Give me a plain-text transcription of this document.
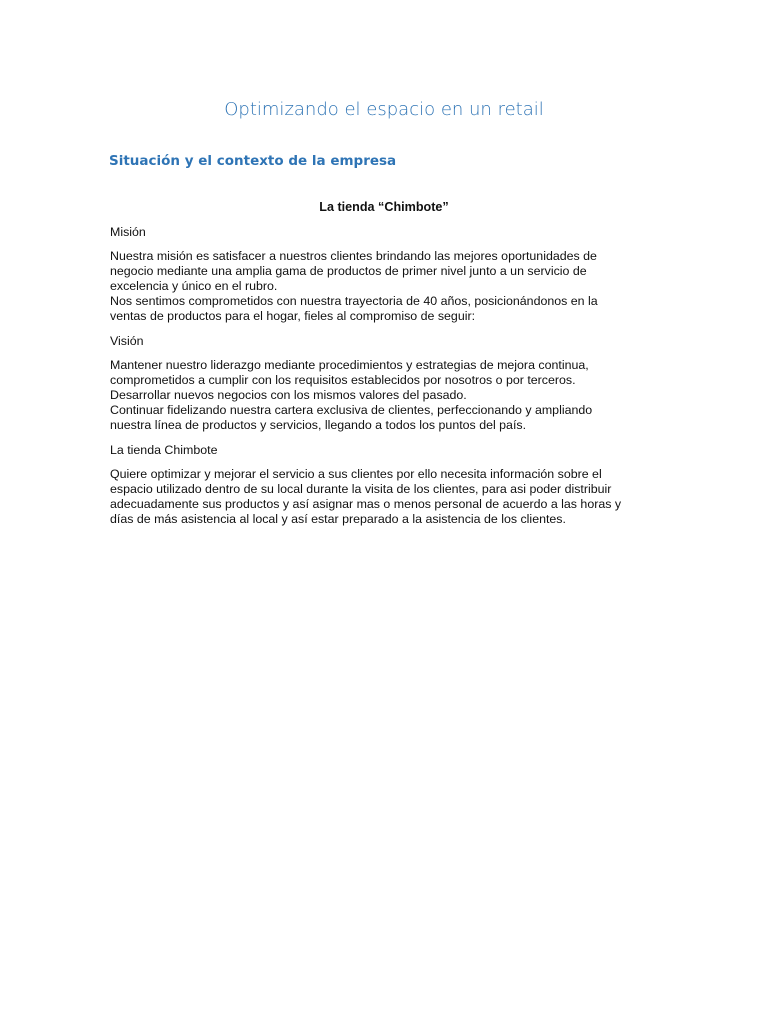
Optimizando el espacio en un retail
Situación y el contexto de la empresa
La tienda “Chimbote”
Misión
Nuestra misión es satisfacer a nuestros clientes brindando las mejores oportunidades de
negocio mediante una amplia gama de productos de primer nivel junto a un servicio de
excelencia y único en el rubro.
Nos sentimos comprometidos con nuestra trayectoria de 40 años, posicionándonos en la
ventas de productos para el hogar, fieles al compromiso de seguir:
Visión
Mantener nuestro liderazgo mediante procedimientos y estrategias de mejora continua,
comprometidos a cumplir con los requisitos establecidos por nosotros o por terceros.
Desarrollar nuevos negocios con los mismos valores del pasado.
Continuar fidelizando nuestra cartera exclusiva de clientes, perfeccionando y ampliando
nuestra línea de productos y servicios, llegando a todos los puntos del país.
La tienda Chimbote
Quiere optimizar y mejorar el servicio a sus clientes por ello necesita información sobre el
espacio utilizado dentro de su local durante la visita de los clientes, para asi poder distribuir
adecuadamente sus productos y así asignar mas o menos personal de acuerdo a las horas y
días de más asistencia al local y así estar preparado a la asistencia de los clientes.
